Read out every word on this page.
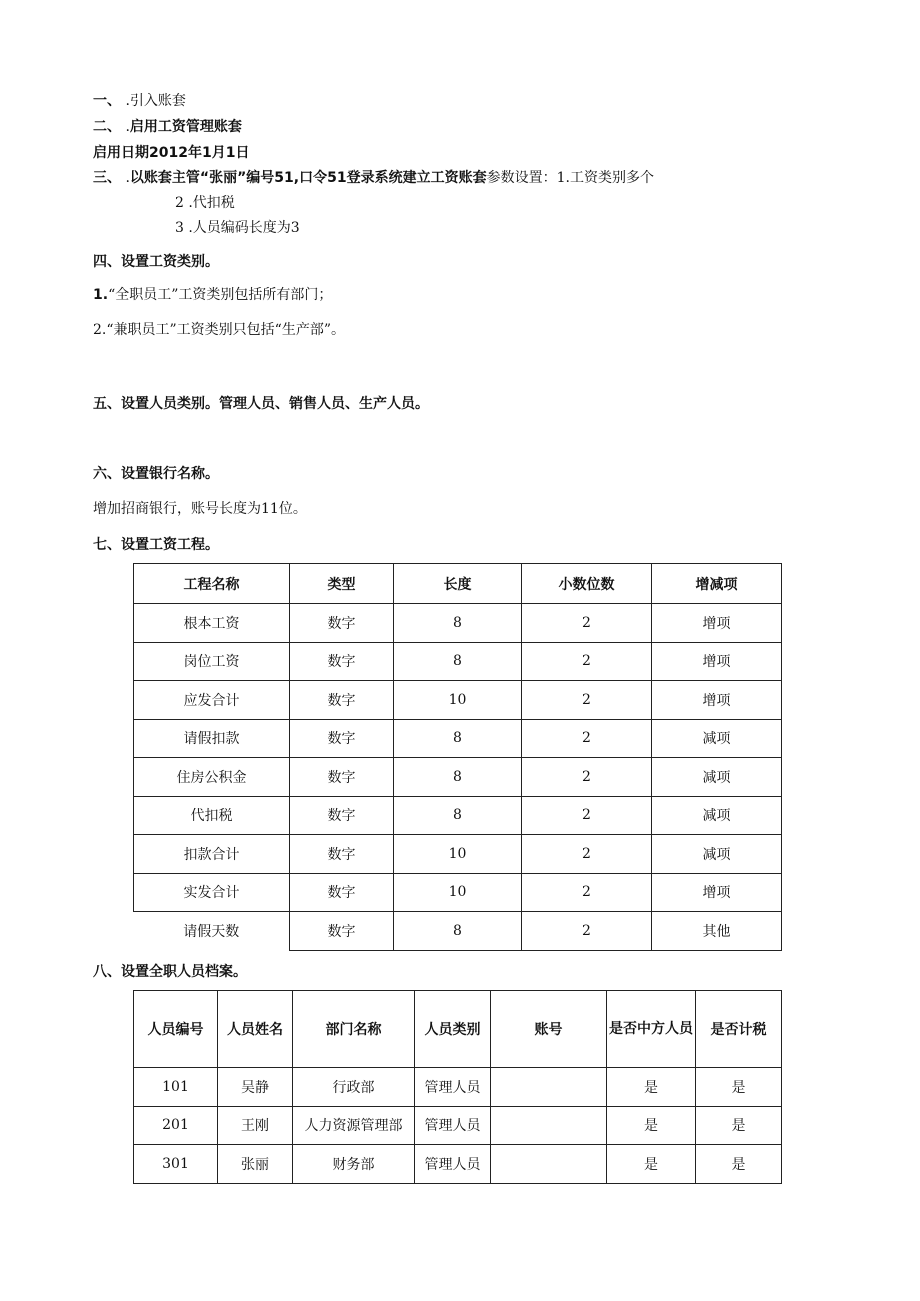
一、 .引入账套
二、 .启用工资管理账套
启用日期2012年1月1日
三、 .以账套主管“张丽”编号51,口令51登录系统建立工资账套参数设置：1.工资类别多个
2 .代扣税
3 .人员编码长度为3
四、设置工资类别。
1.“全职员工”工资类别包括所有部门；
2.“兼职员工”工资类别只包括“生产部”。
五、设置人员类别。管理人员、销售人员、生产人员。
六、设置银行名称。
增加招商银行，账号长度为11位。
七、设置工资工程。
工程名称	类型	长度	小数位数	增减项
根本工资	数字	8	2	增项
岗位工资	数字	8	2	增项
应发合计	数字	10	2	增项
请假扣款	数字	8	2	减项
住房公积金	数字	8	2	减项
代扣税	数字	8	2	减项
扣款合计	数字	10	2	减项
实发合计	数字	10	2	增项
请假天数	数字	8	2	其他
八、设置全职人员档案。
人员编号	人员姓名	部门名称	人员类别	账号	是否中方人员	是否计税
101	吴静	行政部	管理人员		是	是
201	王刚	人力资源管理部	管理人员		是	是
301	张丽	财务部	管理人员		是	是
